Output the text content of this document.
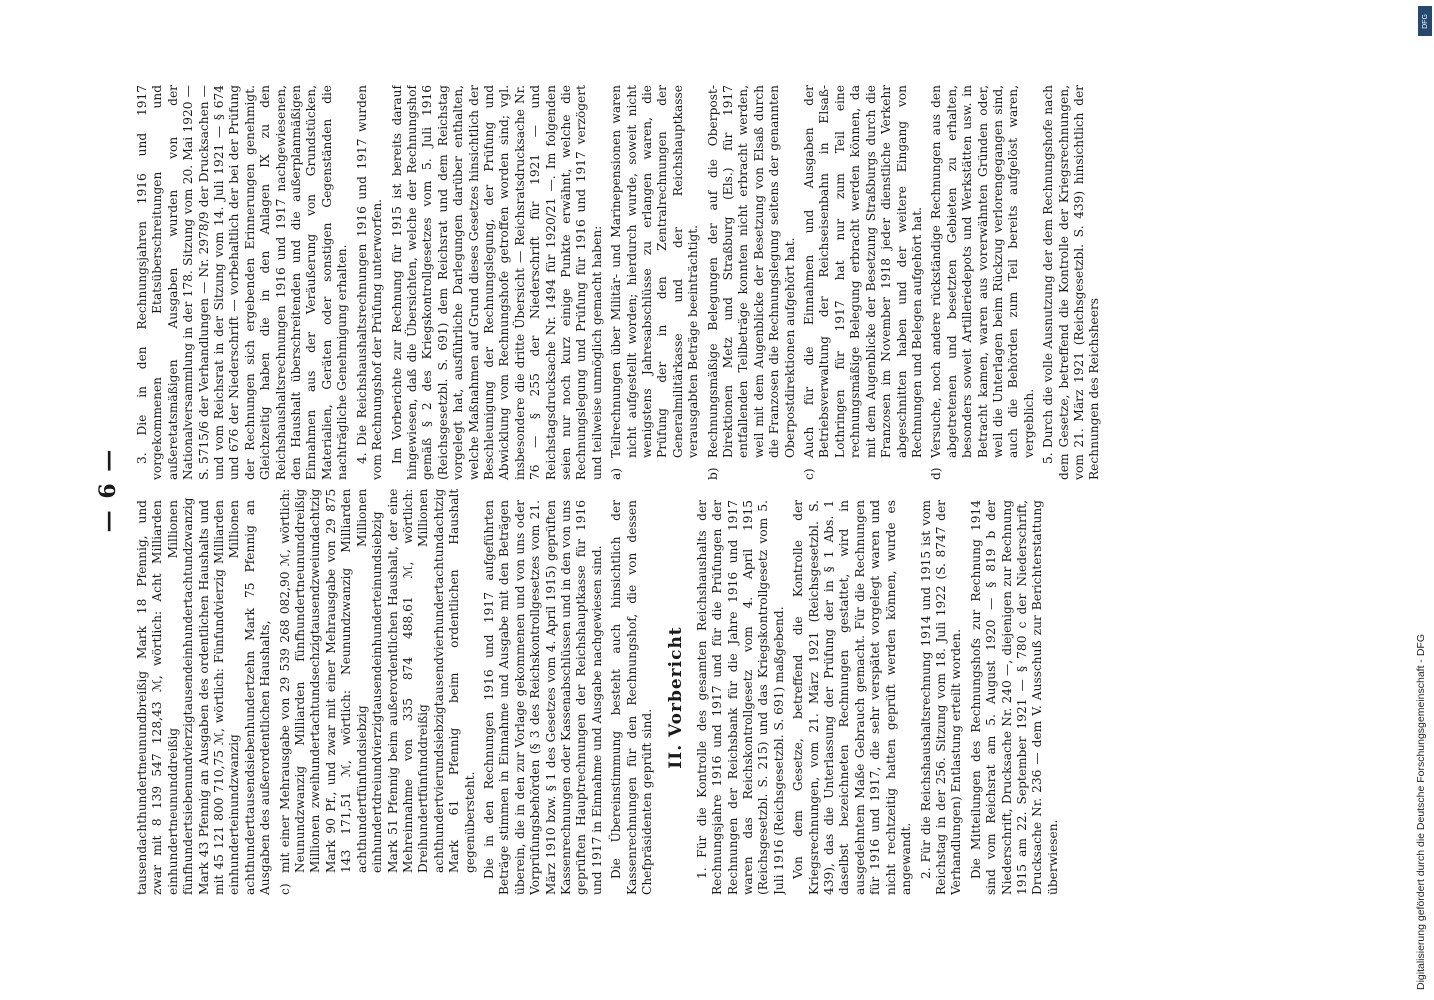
— 6 —

tausendachthundertneunundbreißig Mark 18 Pfennig, und zwar mit 8 139 547 128,43 ℳ, wörtlich: Acht Milliarden einhundertneununddreißig Millionen fünfhundertsiebenundvierzigtausendeinhundertachtundzwanzig Mark 43 Pfennig an Ausgaben des ordentlichen Haushalts und mit 45 121 800 710,75 ℳ, wörtlich: Fünfundvierzig Milliarden einhunderteinundzwanzig Millionen achthunderttausendsiebenhundertzehn Mark 75 Pfennig an Ausgaben des außerordentlichen Haushalts, c)
mit einer Mehrausgabe von 29 539 268 082,90 ℳ, wörtlich: Neunundzwanzig Milliarden fünfhundertneununddreißig Millionen zweihundertachtundsechzigtausendzweiundachtzig Mark 90 Pf., und zwar mit einer Mehrausgabe von 29 875 143 171,51 ℳ, wörtlich: Neunundzwanzig Milliarden achthundertfünfundsiebzig Millionen einhundertdreiundvierzigtausendeinhunderteinundsiebzig Mark 51 Pfennig beim außerordentlichen Haushalt, der eine Mehreinnahme von 335 874 488,61 ℳ, wörtlich: Dreihundertfünfunddreißig Millionen achthundertvierundsiebzigtausendvierhundertachtundachtzig Mark 61 Pfennig beim ordentlichen Haushalt gegenübersteht. Die in den Rechnungen 1916 und 1917 aufgeführten Beträge stimmen in Einnahme und Ausgabe mit den Beträgen überein, die in den zur Vorlage gekommenen und von uns oder Vorprüfungsbehörden (§ 3 des Reichskontrollgesetzes vom 21. März 1910 bzw. § 1 des Gesetzes vom 4. April 1915) geprüften Kassenrechnungen oder Kassenabschlüssen und in den von uns geprüften Hauptrechnungen der Reichshauptkasse für 1916 und 1917 in Einnahme und Ausgabe nachgewiesen sind. Die Übereinstimmung besteht auch hinsichtlich der Kassenrechnungen für den Rechnungshof, die von dessen Chefpräsidenten geprüft sind.

II. Vorbericht 1. Für die Kontrolle des gesamten Reichshaushalts der Rechnungsjahre 1916 und 1917 und für die Prüfungen der Rechnungen der Reichsbank für die Jahre 1916 und 1917 waren das Reichskontrollgesetz vom 4. April 1915 (Reichsgesetzbl. S. 215) und das Kriegskontrollgesetz vom 5. Juli 1916 (Reichsgesetzbl. S. 691) maßgebend. Von dem Gesetze, betreffend die Kontrolle der Kriegsrechnungen, vom 21. März 1921 (Reichsgesetzbl. S. 439), das die Unterlassung der Prüfung der in § 1 Abs. 1 daselbst bezeichneten Rechnungen gestattet, wird in ausgedehntem Maße Gebrauch gemacht. Für die Rechnungen für 1916 und 1917, die sehr verspätet vorgelegt waren und nicht rechtzeitig hatten geprüft werden können, wurde es angewandt. 2. Für die Reichshaushaltsrechnung 1914 und 1915 ist vom Reichstag in der 256. Sitzung vom 18. Juli 1922 (S. 8747 der Verhandlungen) Entlastung erteilt worden. Die Mitteilungen des Rechnungshofs zur Rechnung 1914 sind vom Reichsrat am 5. August 1920 — § 819 b der Niederschrift, Drucksache Nr. 240 —, diejenigen zur Rechnung 1915 am 22. September 1921 — § 780 c der Niederschrift, Drucksache Nr. 236 — dem V. Ausschuß zur Berichterstattung überwiesen.

3. Die in den Rechnungsjahren 1916 und 1917 vorgekommenen Etatsüberschreitungen und außeretatsmäßigen Ausgaben wurden von der Nationalversammlung in der 178. Sitzung vom 20. Mai 1920 — S. 5715/6 der Verhandlungen — Nr. 2978/9 der Drucksachen — und vom Reichsrat in der Sitzung vom 14. Juli 1921 — § 674 und 676 der Niederschrift — vorbehaltlich der bei der Prüfung der Rechnungen sich ergebenden Erinnerungen genehmigt. Gleichzeitig haben die in den Anlagen IX zu den Reichshaushaltsrechnungen 1916 und 1917 nachgewiesenen, den Haushalt überschreitenden und die außerplanmäßigen Einnahmen aus der Veräußerung von Grundstücken, Materialien, Geräten oder sonstigen Gegenständen die nachträgliche Genehmigung erhalten. 4. Die Reichshaushaltsrechnungen 1916 und 1917 wurden vom Rechnungshof der Prüfung unterworfen. Im Vorberichte zur Rechnung für 1915 ist bereits darauf hingewiesen, daß die Übersichten, welche der Rechnungshof gemäß § 2 des Kriegskontrollgesetzes vom 5. Juli 1916 (Reichsgesetzbl. S. 691) dem Reichsrat und dem Reichstag vorgelegt hat, ausführliche Darlegungen darüber enthalten, welche Maßnahmen auf Grund dieses Gesetzes hinsichtlich der Beschleunigung der Rechnungslegung, der Prüfung und Abwicklung vom Rechnungshofe getroffen worden sind; vgl. insbesondere die dritte Übersicht — Reichsratsdrucksache Nr. 76 — § 255 der Niederschrift für 1921 — und Reichstagsdrucksache Nr. 1494 für 1920/21 —. Im folgenden seien nur noch kurz einige Punkte erwähnt, welche die Rechnungslegung und Prüfung für 1916 und 1917 verzögert und teilweise unmöglich gemacht haben: a)
Teilrechnungen über Militär- und Marinepensionen waren nicht aufgestellt worden; hierdurch wurde, soweit nicht wenigstens Jahresabschlüsse zu erlangen waren, die Prüfung der in den Zentralrechnungen der Generalmilitärkasse und der Reichshauptkasse verausgabten Beträge beeinträchtigt.
b)
Rechnungsmäßige Belegungen der auf die Oberpost-Direktionen Metz und Straßburg (Els.) für 1917 entfallenden Teilbeträge konnten nicht erbracht werden, weil mit dem Augenblicke der Besetzung von Elsaß durch die Franzosen die Rechnungslegung seitens der genannten Oberpostdirektionen aufgehört hat.
c)
Auch für die Einnahmen und Ausgaben der Betriebsverwaltung der Reichseisenbahn in Elsaß-Lothringen für 1917 hat nur zum Teil eine rechnungsmäßige Belegung erbracht werden können, da mit dem Augenblicke der Besetzung Straßburgs durch die Franzosen im November 1918 jeder dienstliche Verkehr abgeschnitten haben und der weitere Eingang von Rechnungen und Belegen aufgehört hat.
d)
Versuche, noch andere rückständige Rechnungen aus den abgetretenen und besetzten Gebieten zu erhalten, besonders soweit Artilleriedepots und Werkstätten usw. in Betracht kamen, waren aus vorerwähnten Gründen oder, weil die Unterlagen beim Rückzug verlorengegangen sind, auch die Behörden zum Teil bereits aufgelöst waren, vergeblich. 5. Durch die volle Ausnutzung der dem Rechnungshofe nach dem Gesetze, betreffend die Kontrolle der Kriegsrechnungen, vom 21. März 1921 (Reichsgesetzbl. S. 439) hinsichtlich der Rechnungen des Reichsheers

Digitalisierung gefördert durch die Deutsche Forschungsgemeinschaft - DFG
DFG
